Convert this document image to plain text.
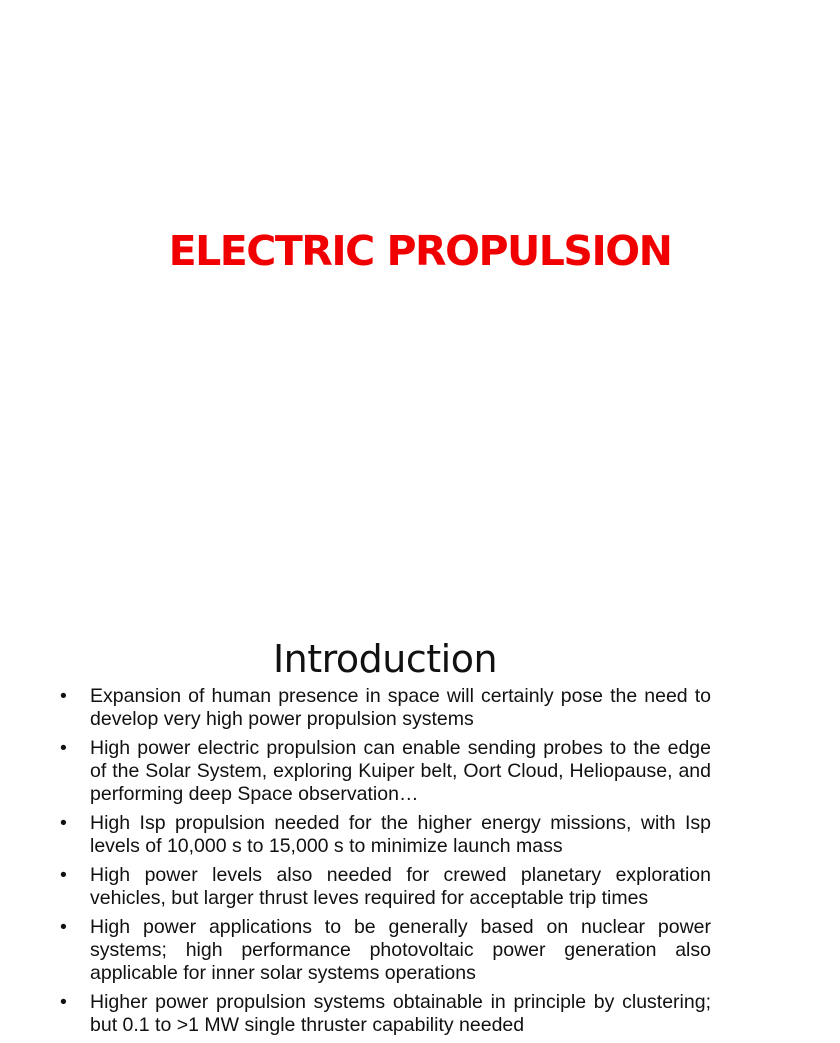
ELECTRIC PROPULSION
Introduction
•	Expansion of human presence in space will certainly pose the need to develop very high power propulsion systems
•	High power electric propulsion can enable sending probes to the edge of the Solar System, exploring Kuiper belt, Oort Cloud, Heliopause, and performing deep Space observation…
•	High Isp propulsion needed for the higher energy missions, with Isp levels of 10,000 s to 15,000 s to minimize launch mass
•	High power levels also needed for crewed planetary exploration vehicles, but larger thrust leves required for acceptable trip times
•	High power applications to be generally based on nuclear power systems; high performance photovoltaic power generation also applicable for inner solar systems operations
•	Higher power propulsion systems obtainable in principle by clustering; but 0.1 to >1 MW single thruster capability needed
